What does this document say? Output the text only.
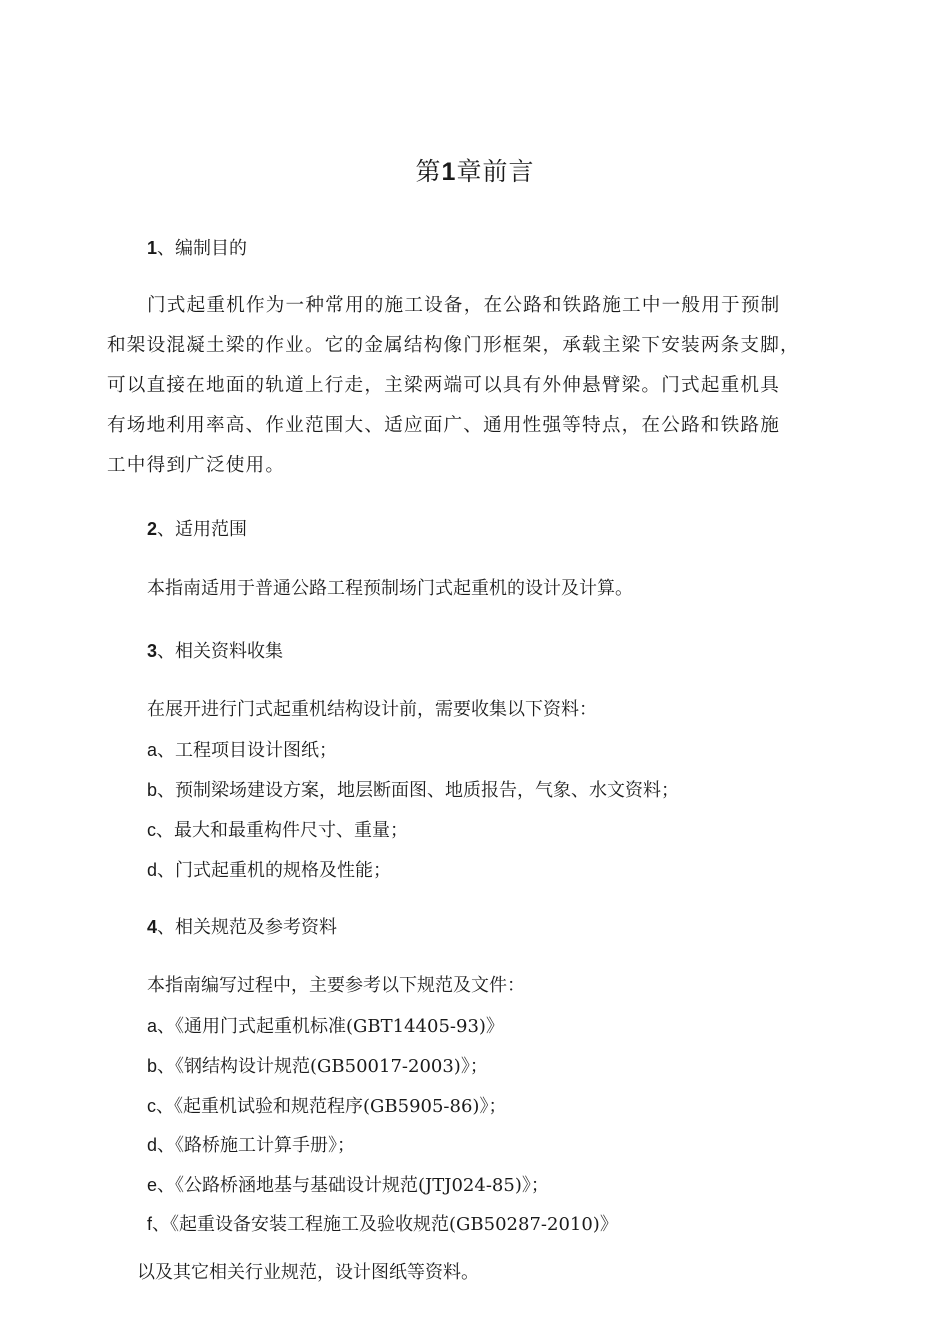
第1章前言
1、编制目的
门式起重机作为一种常用的施工设备，在公路和铁路施工中一般用于预制
和架设混凝土梁的作业。它的金属结构像门形框架，承载主梁下安装两条支脚，
可以直接在地面的轨道上行走，主梁两端可以具有外伸悬臂梁。门式起重机具
有场地利用率高、作业范围大、适应面广、通用性强等特点，在公路和铁路施
工中得到广泛使用。
2、适用范围
本指南适用于普通公路工程预制场门式起重机的设计及计算。
3、相关资料收集
在展开进行门式起重机结构设计前，需要收集以下资料：
a、工程项目设计图纸；
b、预制梁场建设方案，地层断面图、地质报告，气象、水文资料；
c、最大和最重构件尺寸、重量；
d、门式起重机的规格及性能；
4、相关规范及参考资料
本指南编写过程中，主要参考以下规范及文件：
a、《通用门式起重机标准(GBT14405-93)》
b、《钢结构设计规范(GB50017-2003)》；
c、《起重机试验和规范程序(GB5905-86)》；
d、《路桥施工计算手册》；
e、《公路桥涵地基与基础设计规范(JTJ024-85)》；
f、《起重设备安装工程施工及验收规范(GB50287-2010)》
以及其它相关行业规范，设计图纸等资料。
